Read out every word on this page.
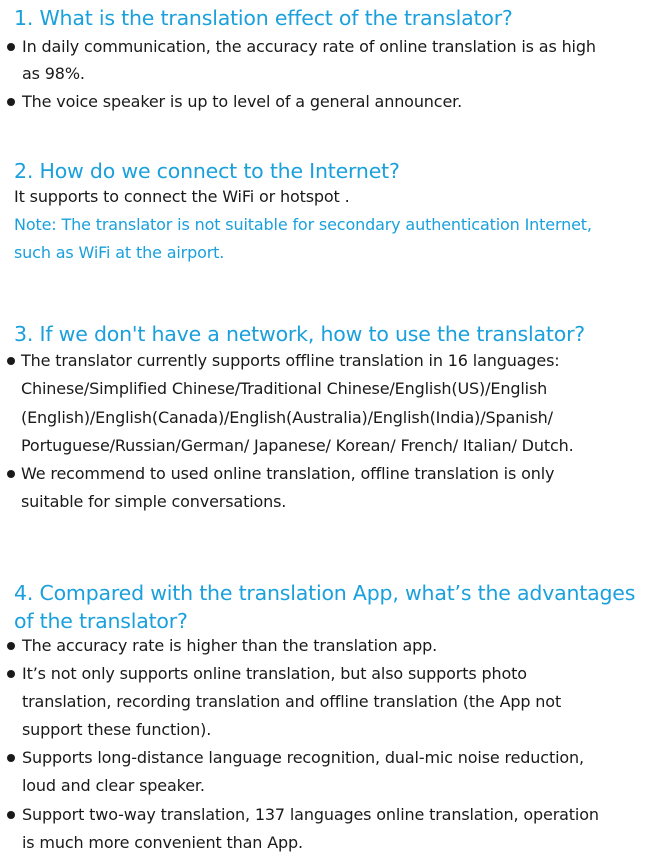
1. What is the translation effect of the translator?
In daily communication, the accuracy rate of online translation is as high
as 98%.
The voice speaker is up to level of a general announcer.
2. How do we connect to the Internet?
It supports to connect the WiFi or hotspot .
Note: The translator is not suitable for secondary authentication Internet,
such as WiFi at the airport.
3. If we don't have a network, how to use the translator?
The translator currently supports offline translation in 16 languages:
Chinese/Simplified Chinese/Traditional Chinese/English(US)/English
(English)/English(Canada)/English(Australia)/English(India)/Spanish/
Portuguese/Russian/German/ Japanese/ Korean/ French/ Italian/ Dutch.
We recommend to used online translation, offline translation is only
suitable for simple conversations.
4. Compared with the translation App, what’s the advantages
of the translator?
The accuracy rate is higher than the translation app.
It’s not only supports online translation, but also supports photo
translation, recording translation and offline translation (the App not
support these function).
Supports long-distance language recognition, dual-mic noise reduction,
loud and clear speaker.
Support two-way translation, 137 languages online translation, operation
is much more convenient than App.
